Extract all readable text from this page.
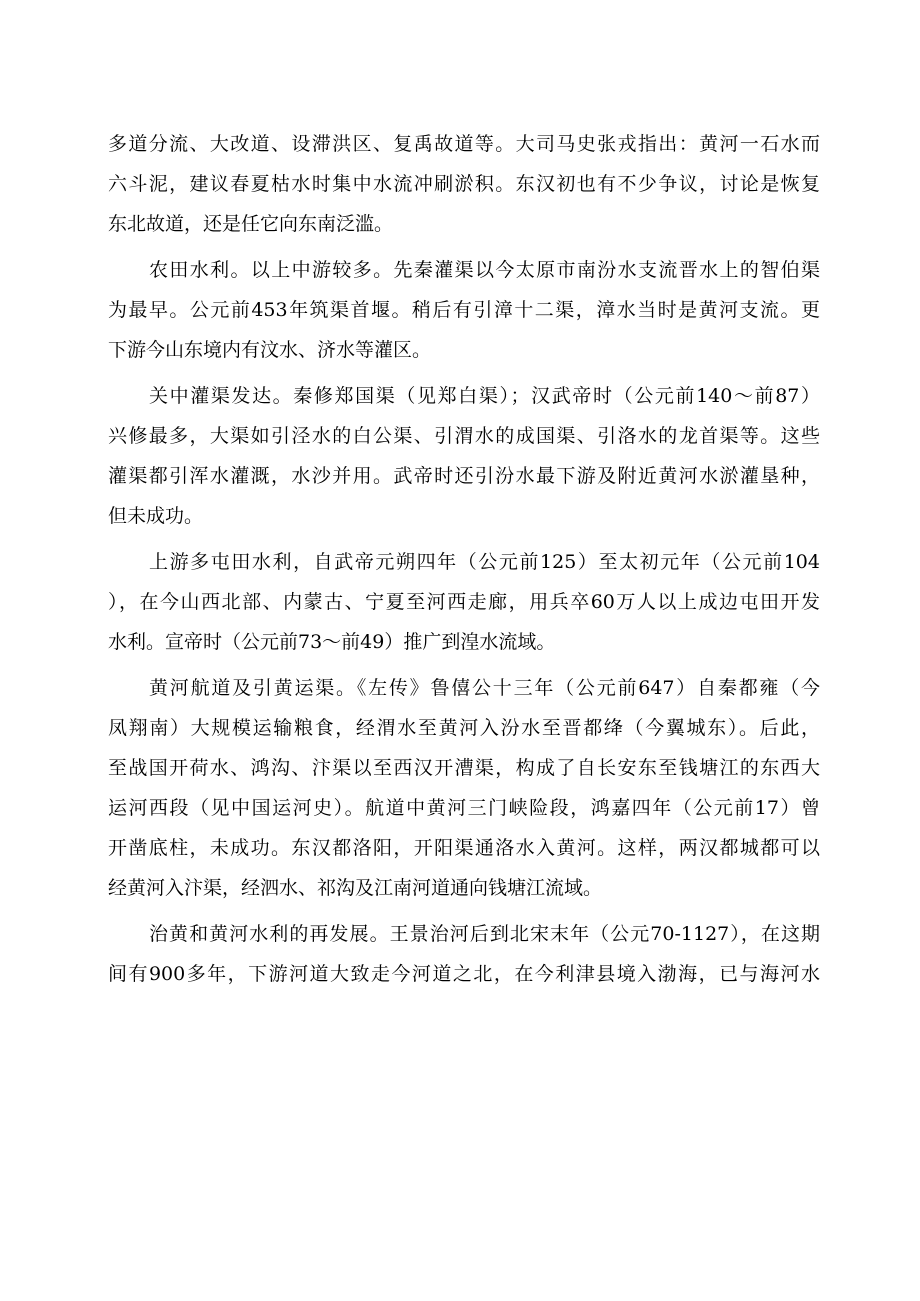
多道分流、大改道、设滞洪区、复禹故道等。大司马史张戎指出：黄河一石水而
六斗泥，建议春夏枯水时集中水流冲刷淤积。东汉初也有不少争议，讨论是恢复
东北故道，还是任它向东南泛滥。
农田水利。以上中游较多。先秦灌渠以今太原市南汾水支流晋水上的智伯渠
为最早。公元前453年筑渠首堰。稍后有引漳十二渠，漳水当时是黄河支流。更
下游今山东境内有汶水、济水等灌区。
关中灌渠发达。秦修郑国渠（见郑白渠）；汉武帝时（公元前140～前87）
兴修最多，大渠如引泾水的白公渠、引渭水的成国渠、引洛水的龙首渠等。这些
灌渠都引浑水灌溉，水沙并用。武帝时还引汾水最下游及附近黄河水淤灌垦种，
但未成功。
上游多屯田水利，自武帝元朔四年（公元前125）至太初元年（公元前104
），在今山西北部、内蒙古、宁夏至河西走廊，用兵卒60万人以上成边屯田开发
水利。宣帝时（公元前73～前49）推广到湟水流域。
黄河航道及引黄运渠。《左传》鲁僖公十三年（公元前647）自秦都雍（今
凤翔南）大规模运输粮食，经渭水至黄河入汾水至晋都绛（今翼城东）。后此，
至战国开荷水、鸿沟、汴渠以至西汉开漕渠，构成了自长安东至钱塘江的东西大
运河西段（见中国运河史）。航道中黄河三门峡险段，鸿嘉四年（公元前17）曾
开凿底柱，未成功。东汉都洛阳，开阳渠通洛水入黄河。这样，两汉都城都可以
经黄河入汴渠，经泗水、祁沟及江南河道通向钱塘江流域。
治黄和黄河水利的再发展。王景治河后到北宋末年（公元70-1127），在这期
间有900多年，下游河道大致走今河道之北，在今利津县境入渤海，已与海河水
